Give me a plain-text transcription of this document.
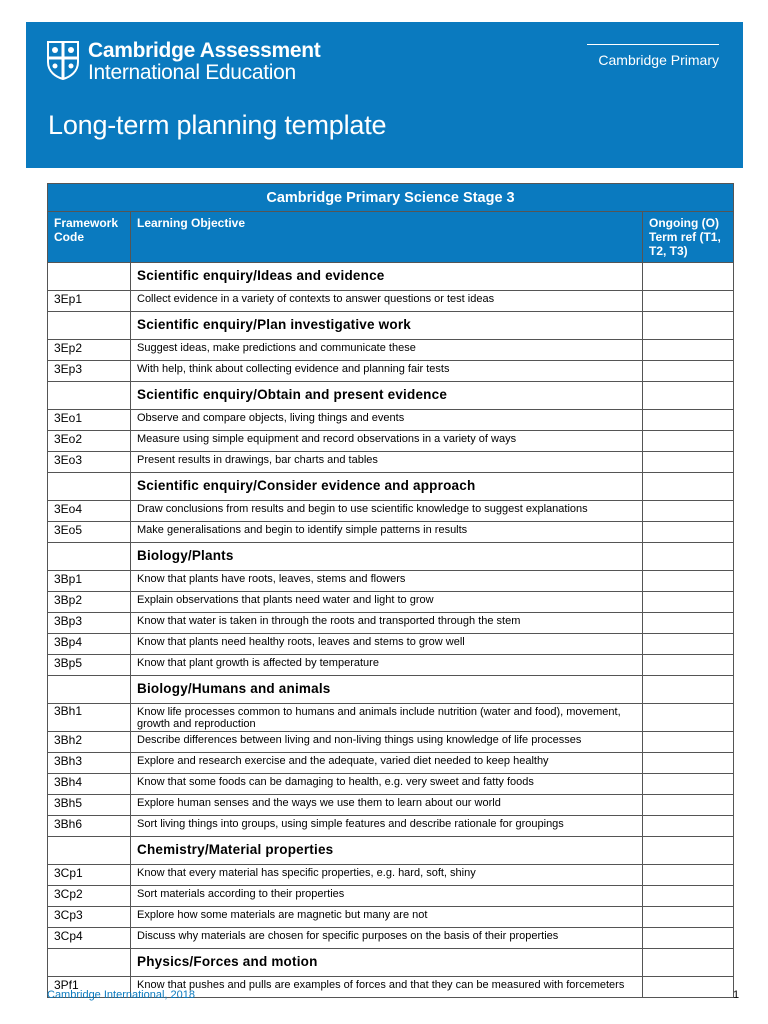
Cambridge Assessment
International Education
Cambridge Primary
Long-term planning template
Cambridge Primary Science Stage 3		
Framework Code	Learning Objective	Ongoing (O) Term ref (T1, T2, T3)
	Scientific enquiry/Ideas and evidence	
3Ep1	Collect evidence in a variety of contexts to answer questions or test ideas	
	Scientific enquiry/Plan investigative work	
3Ep2	Suggest ideas, make predictions and communicate these	
3Ep3	With help, think about collecting evidence and planning fair tests	
	Scientific enquiry/Obtain and present evidence	
3Eo1	Observe and compare objects, living things and events	
3Eo2	Measure using simple equipment and record observations in a variety of ways	
3Eo3	Present results in drawings, bar charts and tables	
	Scientific enquiry/Consider evidence and approach	
3Eo4	Draw conclusions from results and begin to use scientific knowledge to suggest explanations	
3Eo5	Make generalisations and begin to identify simple patterns in results	
	Biology/Plants	
3Bp1	Know that plants have roots, leaves, stems and flowers	
3Bp2	Explain observations that plants need water and light to grow	
3Bp3	Know that water is taken in through the roots and transported through the stem	
3Bp4	Know that plants need healthy roots, leaves and stems to grow well	
3Bp5	Know that plant growth is affected by temperature	
	Biology/Humans and animals	
3Bh1	Know life processes common to humans and animals include nutrition (water and food), movement, growth and reproduction	
3Bh2	Describe differences between living and non-living things using knowledge of life processes	
3Bh3	Explore and research exercise and the adequate, varied diet needed to keep healthy	
3Bh4	Know that some foods can be damaging to health, e.g. very sweet and fatty foods	
3Bh5	Explore human senses and the ways we use them to learn about our world	
3Bh6	Sort living things into groups, using simple features and describe rationale for groupings	
	Chemistry/Material properties	
3Cp1	Know that every material has specific properties, e.g. hard, soft, shiny	
3Cp2	Sort materials according to their properties	
3Cp3	Explore how some materials are magnetic but many are not	
3Cp4	Discuss why materials are chosen for specific purposes on the basis of their properties	
	Physics/Forces and motion	
3Pf1	Know that pushes and pulls are examples of forces and that they can be measured with forcemeters	
Cambridge International, 2018	1
